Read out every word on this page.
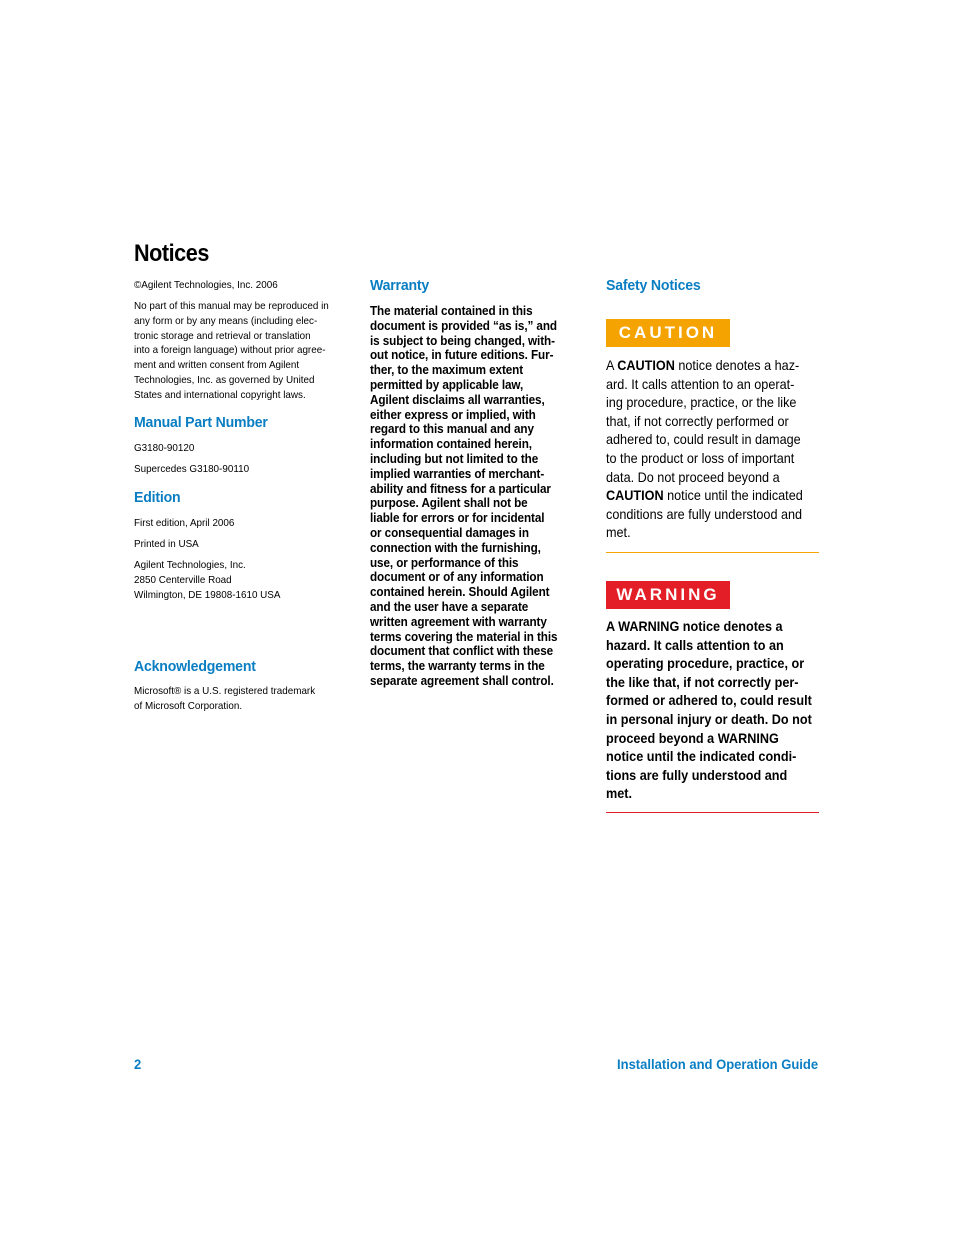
Notices
©Agilent Technologies, Inc. 2006
No part of this manual may be reproduced in
any form or by any means (including elec-
tronic storage and retrieval or translation
into a foreign language) without prior agree-
ment and written consent from Agilent
Technologies, Inc. as governed by United
States and international copyright laws.
Manual Part Number
G3180-90120
Supercedes G3180-90110
Edition
First edition, April 2006
Printed in USA
Agilent Technologies, Inc.
2850 Centerville Road
Wilmington, DE 19808-1610 USA
Acknowledgement
Microsoft® is a U.S. registered trademark
of Microsoft Corporation.
Warranty
The material contained in this
document is provided “as is,” and
is subject to being changed, with-
out notice, in future editions. Fur-
ther, to the maximum extent
permitted by applicable law,
Agilent disclaims all warranties,
either express or implied, with
regard to this manual and any
information contained herein,
including but not limited to the
implied warranties of merchant-
ability and fitness for a particular
purpose. Agilent shall not be
liable for errors or for incidental
or consequential damages in
connection with the furnishing,
use, or performance of this
document or of any information
contained herein. Should Agilent
and the user have a separate
written agreement with warranty
terms covering the material in this
document that conflict with these
terms, the warranty terms in the
separate agreement shall control.
Safety Notices
CAUTION
A CAUTION notice denotes a haz-
ard. It calls attention to an operat-
ing procedure, practice, or the like
that, if not correctly performed or
adhered to, could result in damage
to the product or loss of important
data. Do not proceed beyond a
CAUTION notice until the indicated
conditions are fully understood and
met.
WARNING
A WARNING notice denotes a
hazard. It calls attention to an
operating procedure, practice, or
the like that, if not correctly per-
formed or adhered to, could result
in personal injury or death. Do not
proceed beyond a WARNING
notice until the indicated condi-
tions are fully understood and
met.
2	Installation and Operation Guide
